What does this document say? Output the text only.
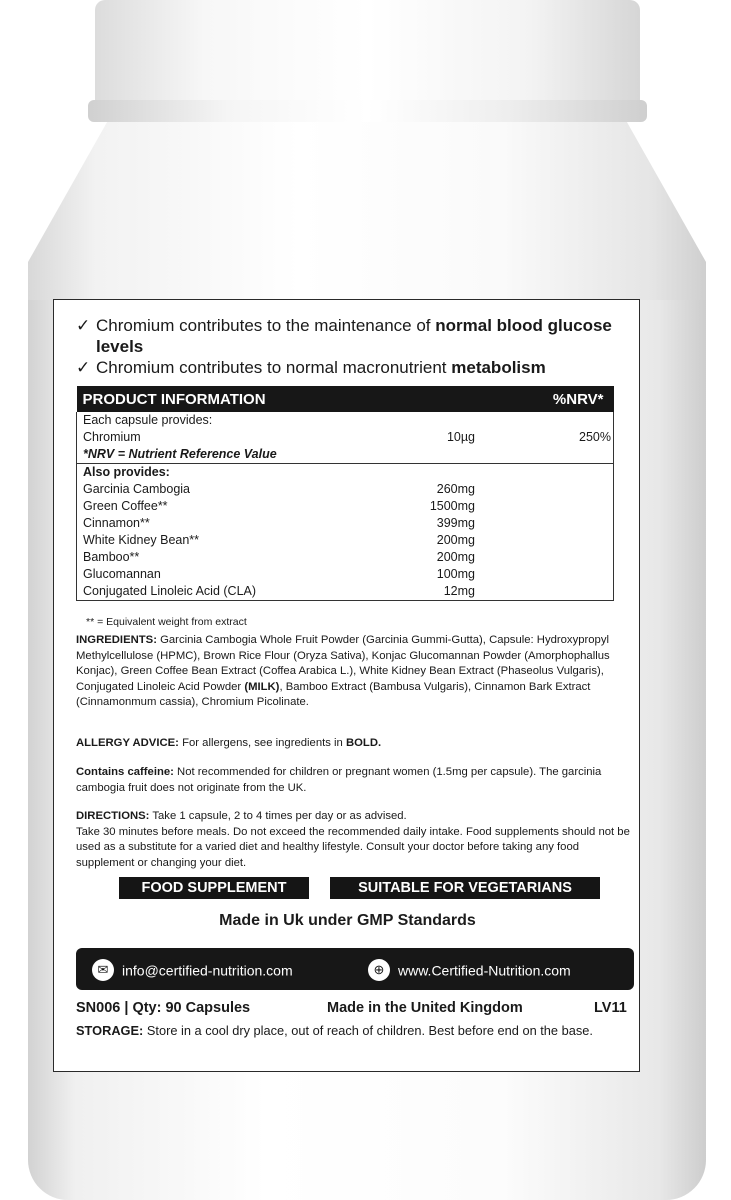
✓ Chromium contributes to the maintenance of normal blood glucose levels

✓ Chromium contributes to normal macronutrient metabolism

PRODUCT INFORMATION		%NRV*
Each capsule provides:		
Chromium	10µg	250%
*NRV = Nutrient Reference Value		
Also provides:		
Garcinia Cambogia	260mg	
Green Coffee**	1500mg	
Cinnamon**	399mg	
White Kidney Bean**	200mg	
Bamboo**	200mg	
Glucomannan	100mg	
Conjugated Linoleic Acid (CLA)	12mg	
** = Equivalent weight from extract
INGREDIENTS: Garcinia Cambogia Whole Fruit Powder (Garcinia Gummi-Gutta), Capsule: Hydroxypropyl Methylcellulose (HPMC), Brown Rice Flour (Oryza Sativa), Konjac Glucomannan Powder (Amorphophallus Konjac), Green Coffee Bean Extract (Coffea Arabica L.), White Kidney Bean Extract (Phaseolus Vulgaris), Conjugated Linoleic Acid Powder (MILK), Bamboo Extract (Bambusa Vulgaris), Cinnamon Bark Extract (Cinnamonmum cassia), Chromium Picolinate.
ALLERGY ADVICE: For allergens, see ingredients in BOLD.
Contains caffeine: Not recommended for children or pregnant women (1.5mg per capsule). The garcinia cambogia fruit does not originate from the UK.
DIRECTIONS: Take 1 capsule, 2 to 4 times per day or as advised.
Take 30 minutes before meals. Do not exceed the recommended daily intake. Food supplements should not be used as a substitute for a varied diet and healthy lifestyle. Consult your doctor before taking any food supplement or changing your diet.
FOOD SUPPLEMENT	SUITABLE FOR VEGETARIANS
Made in Uk under GMP Standards
✉ info@certified-nutrition.com	⊕ www.Certified-Nutrition.com
SN006 | Qty: 90 Capsules	Made in the United Kingdom	LV11
STORAGE: Store in a cool dry place, out of reach of children. Best before end on the base.
